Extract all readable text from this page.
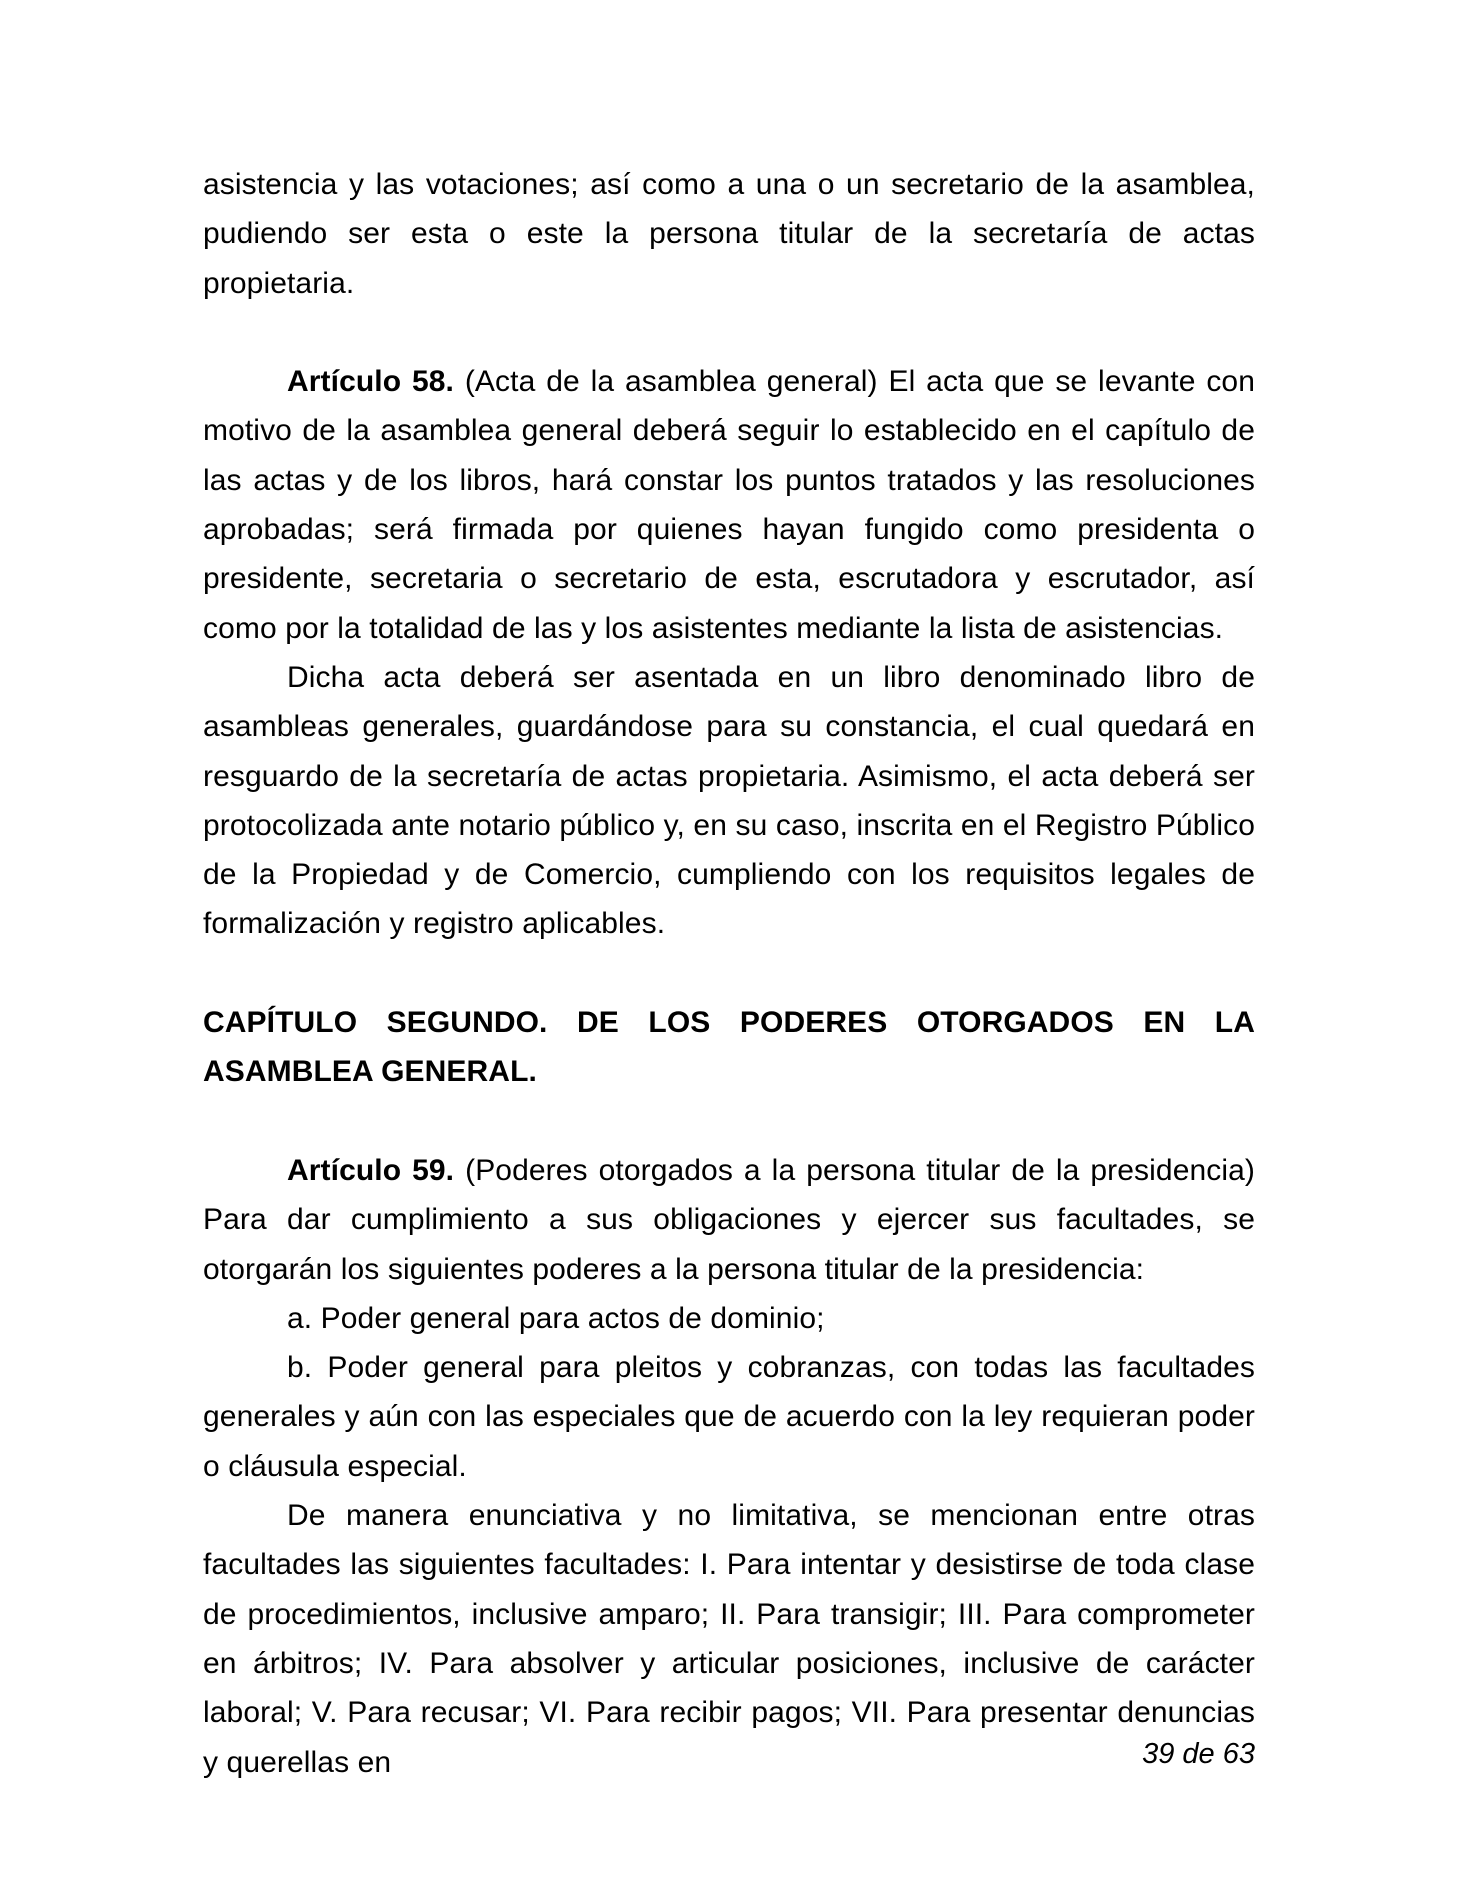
asistencia y las votaciones; así como a una o un secretario de la asamblea, pudiendo ser esta o este la persona titular de la secretaría de actas propietaria.

Artículo 58. (Acta de la asamblea general) El acta que se levante con motivo de la asamblea general deberá seguir lo establecido en el capítulo de las actas y de los libros, hará constar los puntos tratados y las resoluciones aprobadas; será firmada por quienes hayan fungido como presidenta o presidente, secretaria o secretario de esta, escrutadora y escrutador, así como por la totalidad de las y los asistentes mediante la lista de asistencias.

Dicha acta deberá ser asentada en un libro denominado libro de asambleas generales, guardándose para su constancia, el cual quedará en resguardo de la secretaría de actas propietaria. Asimismo, el acta deberá ser protocolizada ante notario público y, en su caso, inscrita en el Registro Público de la Propiedad y de Comercio, cumpliendo con los requisitos legales de formalización y registro aplicables.

CAPÍTULO SEGUNDO. DE LOS PODERES OTORGADOS EN LA ASAMBLEA GENERAL.

Artículo 59. (Poderes otorgados a la persona titular de la presidencia) Para dar cumplimiento a sus obligaciones y ejercer sus facultades, se otorgarán los siguientes poderes a la persona titular de la presidencia:

a. Poder general para actos de dominio;

b. Poder general para pleitos y cobranzas, con todas las facultades generales y aún con las especiales que de acuerdo con la ley requieran poder o cláusula especial.

De manera enunciativa y no limitativa, se mencionan entre otras facultades las siguientes facultades: I. Para intentar y desistirse de toda clase de procedimientos, inclusive amparo; II. Para transigir; III. Para comprometer en árbitros; IV. Para absolver y articular posiciones, inclusive de carácter laboral; V. Para recusar; VI. Para recibir pagos; VII. Para presentar denuncias y querellas en	39 de 63
